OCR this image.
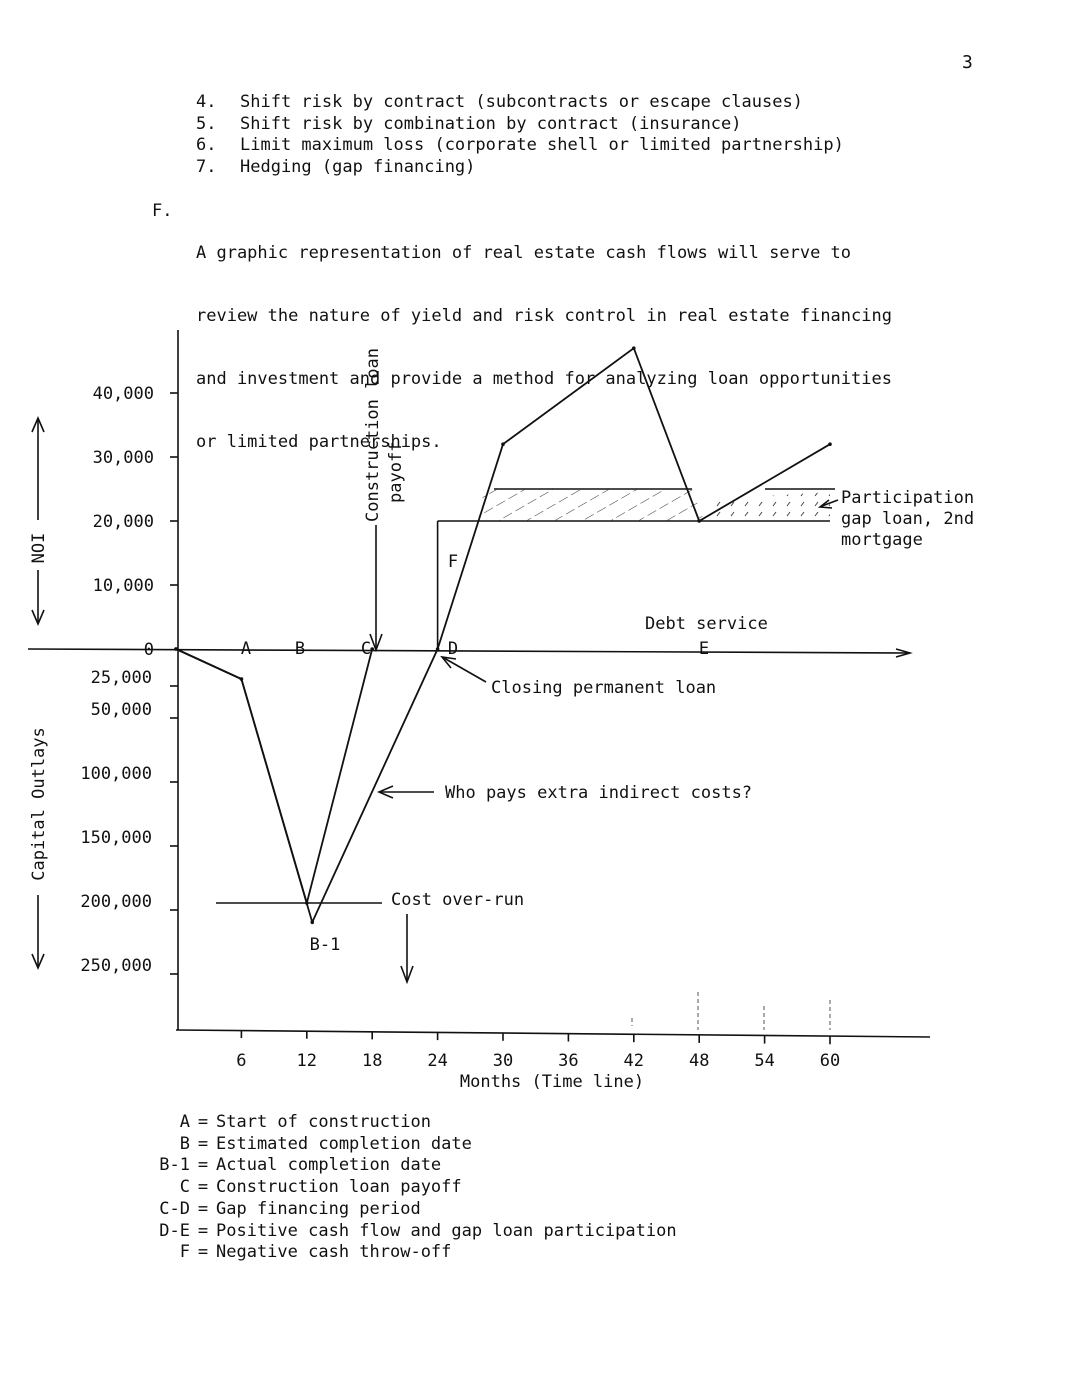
3
4. Shift risk by contract (subcontracts or escape clauses)
5. Shift risk by combination by contract (insurance)
6. Limit maximum loss (corporate shell or limited partnership)
7. Hedging (gap financing)
F.

A graphic representation of real estate cash flows will serve to

review the nature of yield and risk control in real estate financing

and investment and provide a method for analyzing loan opportunities

or limited partnerships.

40,000
30,000
20,000
10,000
0
25,000
50,000
100,000
150,000
200,000
250,000
6	12	18	24	30	36	42	48	54	60
Months (Time line)
NOI
Capital Outlays
A	B	C	D	E
F
B-1
Construction loan payoff
Debt service
Closing permanent loan
Who pays extra indirect costs?
Cost over-run
Participation
gap loan, 2nd
mortgage
A = Start of construction
B = Estimated completion date
B-1 = Actual completion date
C = Construction loan payoff
C-D = Gap financing period
D-E = Positive cash flow and gap loan participation
F = Negative cash throw-off
